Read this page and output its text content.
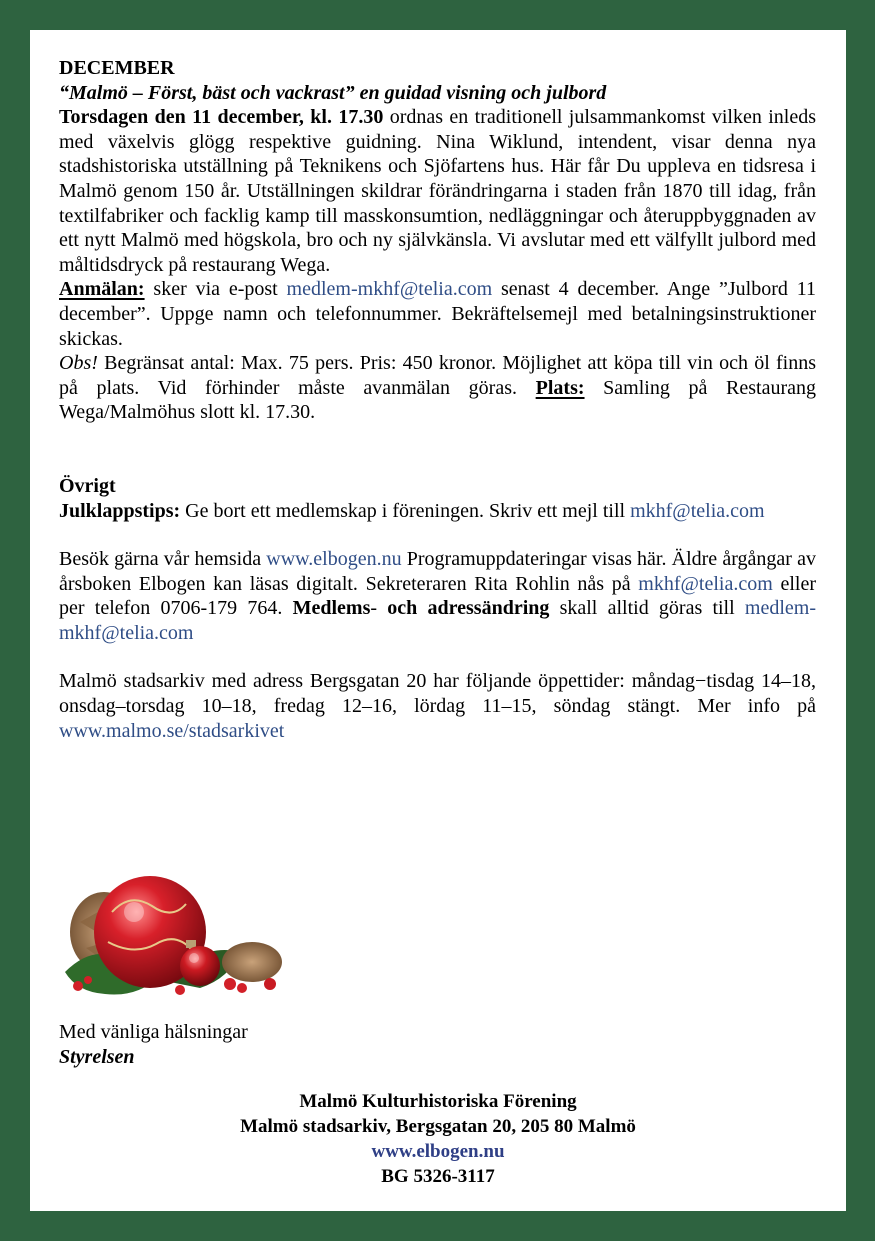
DECEMBER

“Malmö – Först, bäst och vackrast” en guidad visning och julbord

Torsdagen den 11 december, kl. 17.30 ordnas en traditionell julsammankomst vilken inleds med växelvis glögg respektive guidning. Nina Wiklund, intendent, visar denna nya stadshistoriska utställning på Teknikens och Sjöfartens hus. Här får Du uppleva en tidsresa i Malmö genom 150 år. Utställningen skildrar förändringarna i staden från 1870 till idag, från textilfabriker och facklig kamp till masskonsumtion, nedläggningar och återuppbyggnaden av ett nytt Malmö med högskola, bro och ny självkänsla. Vi avslutar med ett välfyllt julbord med måltidsdryck på restaurang Wega.

Anmälan: sker via e-post medlem-mkhf@telia.com senast 4 december. Ange ”Julbord 11 december”. Uppge namn och telefonnummer. Bekräftelsemejl med betalningsinstruktioner skickas.

Obs! Begränsat antal: Max. 75 pers. Pris: 450 kronor. Möjlighet att köpa till vin och öl finns på plats. Vid förhinder måste avanmälan göras. Plats: Samling på Restaurang Wega/Malmöhus slott kl. 17.30.

Övrigt

Julklappstips: Ge bort ett medlemskap i föreningen. Skriv ett mejl till mkhf@telia.com

Besök gärna vår hemsida www.elbogen.nu Programuppdateringar visas här. Äldre årgångar av årsboken Elbogen kan läsas digitalt. Sekreteraren Rita Rohlin nås på mkhf@telia.com eller per telefon 0706-179 764. Medlems- och adressändring skall alltid göras till medlem-mkhf@telia.com

Malmö stadsarkiv med adress Bergsgatan 20 har följande öppettider: måndag−tisdag 14–18, onsdag–torsdag 10–18, fredag 12–16, lördag 11–15, söndag stängt. Mer info på www.malmo.se/stadsarkivet

Med vänliga hälsningar

Styrelsen

Malmö Kulturhistoriska Förening

Malmö stadsarkiv, Bergsgatan 20, 205 80 Malmö

www.elbogen.nu

BG 5326-3117
